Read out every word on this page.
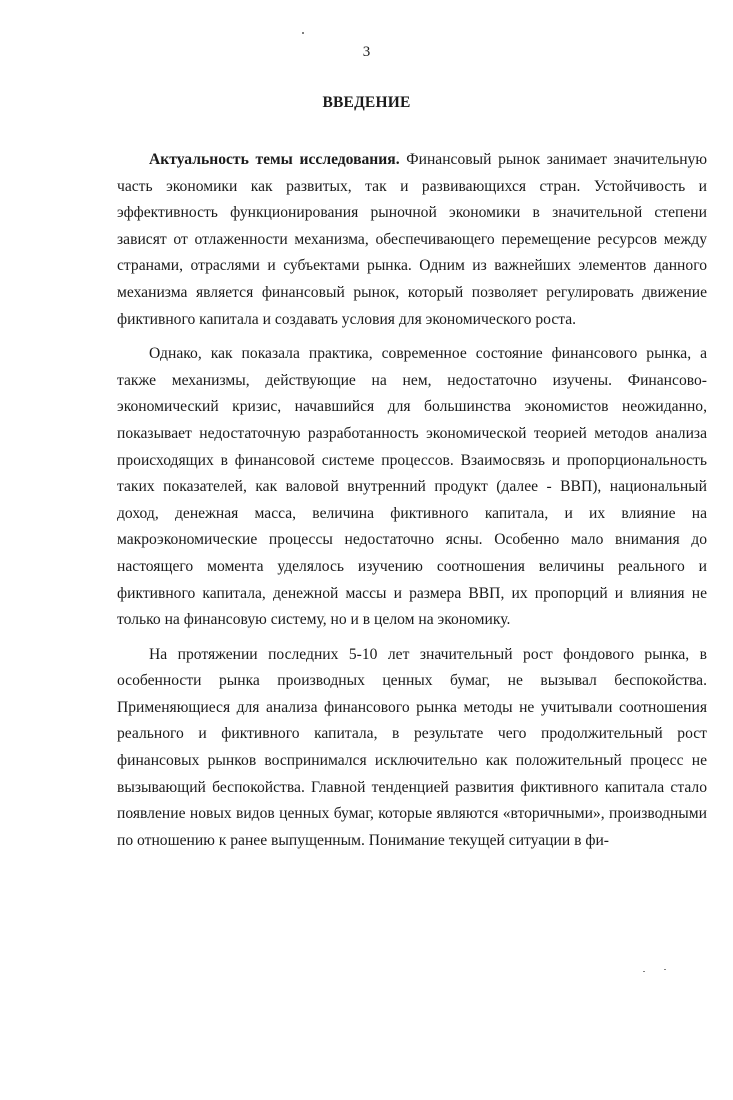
3
ВВЕДЕНИЕ

Актуальность темы исследования. Финансовый рынок занимает значительную часть экономики как развитых, так и развивающихся стран. Устойчивость и эффективность функционирования рыночной экономики в значительной степени зависят от отлаженности механизма, обеспечивающего перемещение ресурсов между странами, отраслями и субъектами рынка. Одним из важнейших элементов данного механизма является финансовый рынок, который позволяет регулировать движение фиктивного капитала и создавать условия для экономического роста.

Однако, как показала практика, современное состояние финансового рынка, а также механизмы, действующие на нем, недостаточно изучены. Финансово-экономический кризис, начавшийся для большинства экономистов неожиданно, показывает недостаточную разработанность экономической теорией методов анализа происходящих в финансовой системе процессов. Взаимосвязь и пропорциональность таких показателей, как валовой внутренний продукт (далее - ВВП), национальный доход, денежная масса, величина фиктивного капитала, и их влияние на макроэкономические процессы недостаточно ясны. Особенно мало внимания до настоящего момента уделялось изучению соотношения величины реального и фиктивного капитала, денежной массы и размера ВВП, их пропорций и влияния не только на финансовую систему, но и в целом на экономику.

На протяжении последних 5-10 лет значительный рост фондового рынка, в особенности рынка производных ценных бумаг, не вызывал беспокойства. Применяющиеся для анализа финансового рынка методы не учитывали соотношения реального и фиктивного капитала, в результате чего продолжительный рост финансовых рынков воспринимался исключительно как положительный процесс не вызывающий беспокойства. Главной тенденцией развития фиктивного капитала стало появление новых видов ценных бумаг, которые являются «вторичными», производными по отношению к ранее выпущенным. Понимание текущей ситуации в фи-
